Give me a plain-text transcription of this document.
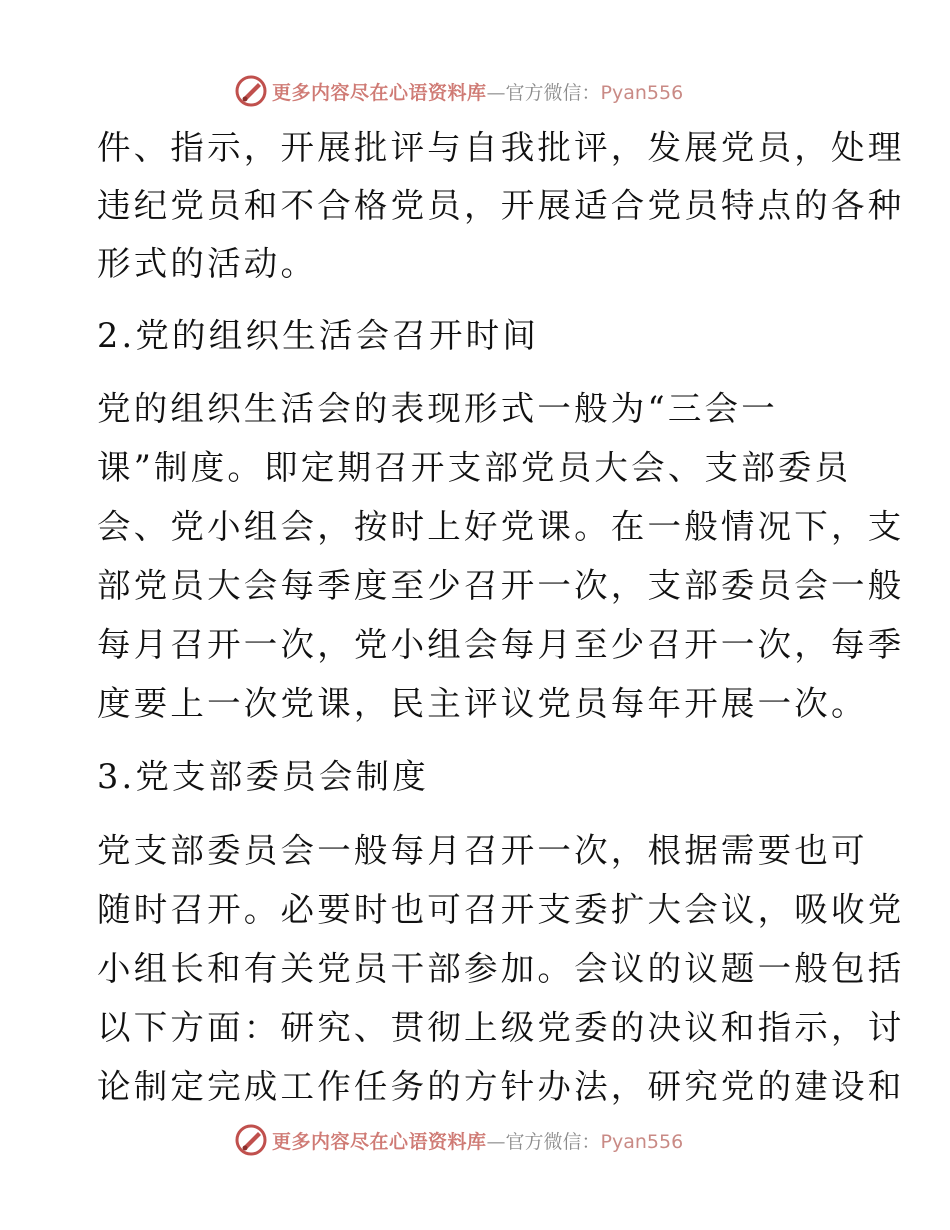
更多内容尽在心语资料库—官方微信：Pyan556
件、指示，开展批评与自我批评，发展党员，处理
违纪党员和不合格党员，开展适合党员特点的各种
形式的活动。
2.党的组织生活会召开时间
党的组织生活会的表现形式一般为“三会一
课”制度。即定期召开支部党员大会、支部委员
会、党小组会，按时上好党课。在一般情况下，支
部党员大会每季度至少召开一次，支部委员会一般
每月召开一次，党小组会每月至少召开一次，每季
度要上一次党课，民主评议党员每年开展一次。
3.党支部委员会制度
党支部委员会一般每月召开一次，根据需要也可
随时召开。必要时也可召开支委扩大会议，吸收党
小组长和有关党员干部参加。会议的议题一般包括
以下方面：研究、贯彻上级党委的决议和指示，讨
论制定完成工作任务的方针办法，研究党的建设和
更多内容尽在心语资料库—官方微信：Pyan556
